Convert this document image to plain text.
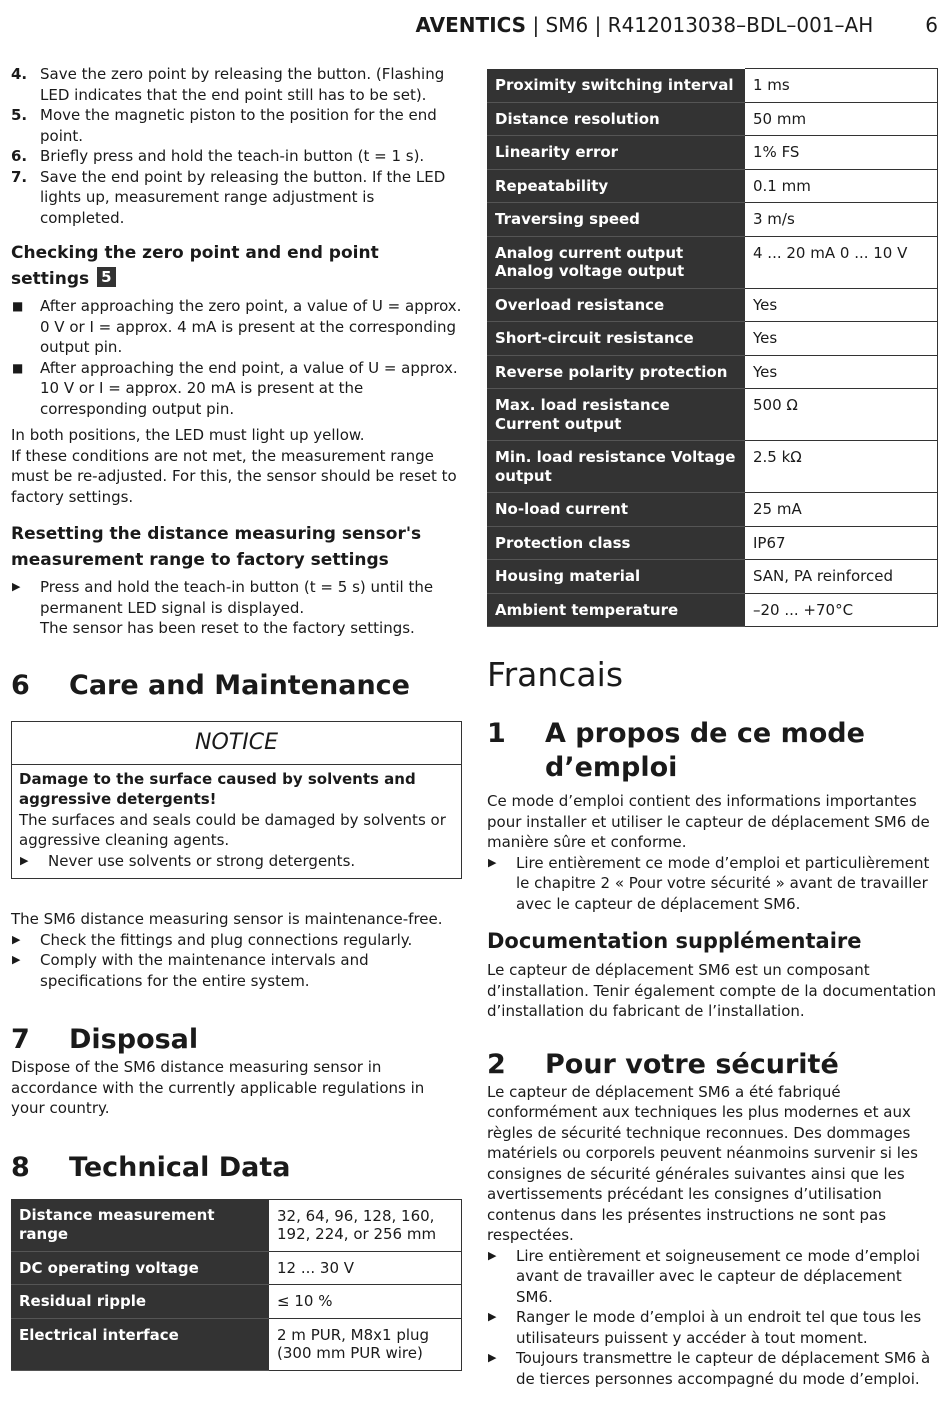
AVENTICS | SM6 | R412013038–BDL–001–AH	6
4. Save the zero point by releasing the button. (Flashing LED indicates that the end point still has to be set).
5. Move the magnetic piston to the position for the end point.
6. Briefly press and hold the teach-in button (t = 1 s).
7. Save the end point by releasing the button. If the LED lights up, measurement range adjustment is completed.
Checking the zero point and end point settings 5
■ After approaching the zero point, a value of U = approx. 0 V or I = approx. 4 mA is present at the corresponding output pin.
■ After approaching the end point, a value of U = approx. 10 V or I = approx. 20 mA is present at the corresponding output pin.

In both positions, the LED must light up yellow.

If these conditions are not met, the measurement range must be re-adjusted. For this, the sensor should be reset to factory settings.

Resetting the distance measuring sensor's measurement range to factory settings
▶ Press and hold the teach-in button (t = 5 s) until the permanent LED signal is displayed.
The sensor has been reset to the factory settings.
6 Care and Maintenance
NOTICE
Damage to the surface caused by solvents and aggressive detergents!

The surfaces and seals could be damaged by solvents or aggressive cleaning agents.

▶ Never use solvents or strong detergents.

The SM6 distance measuring sensor is maintenance-free.

▶ Check the fittings and plug connections regularly.
▶ Comply with the maintenance intervals and specifications for the entire system.
7 Disposal

Dispose of the SM6 distance measuring sensor in accordance with the currently applicable regulations in your country.

8 Technical Data
Distance measurement range	32, 64, 96, 128, 160, 192, 224, or 256 mm
DC operating voltage	12 ... 30 V
Residual ripple	≤ 10 %
Electrical interface	2 m PUR, M8x1 plug (300 mm PUR wire)
Proximity switching interval	1 ms
Distance resolution	50 mm
Linearity error	1% FS
Repeatability	0.1 mm
Traversing speed	3 m/s
Analog current output Analog voltage output	4 ... 20 mA 0 ... 10 V
Overload resistance	Yes
Short-circuit resistance	Yes
Reverse polarity protection	Yes
Max. load resistance Current output	500 Ω
Min. load resistance Voltage output	2.5 kΩ
No-load current	25 mA
Protection class	IP67
Housing material	SAN, PA reinforced
Ambient temperature	–20 ... +70°C
Francais
1 A propos de ce mode d’emploi

Ce mode d’emploi contient des informations importantes pour installer et utiliser le capteur de déplacement SM6 de manière sûre et conforme.

▶ Lire entièrement ce mode d’emploi et particulièrement le chapitre 2 « Pour votre sécurité » avant de travailler avec le capteur de déplacement SM6.
Documentation supplémentaire

Le capteur de déplacement SM6 est un composant d’installation. Tenir également compte de la documentation d’installation du fabricant de l’installation.

2 Pour votre sécurité

Le capteur de déplacement SM6 a été fabriqué conformément aux techniques les plus modernes et aux règles de sécurité technique reconnues. Des dommages matériels ou corporels peuvent néanmoins survenir si les consignes de sécurité générales suivantes ainsi que les avertissements précédant les consignes d’utilisation contenus dans les présentes instructions ne sont pas respectées.

▶ Lire entièrement et soigneusement ce mode d’emploi avant de travailler avec le capteur de déplacement SM6.
▶ Ranger le mode d’emploi à un endroit tel que tous les utilisateurs puissent y accéder à tout moment.
▶ Toujours transmettre le capteur de déplacement SM6 à de tierces personnes accompagné du mode d’emploi.
